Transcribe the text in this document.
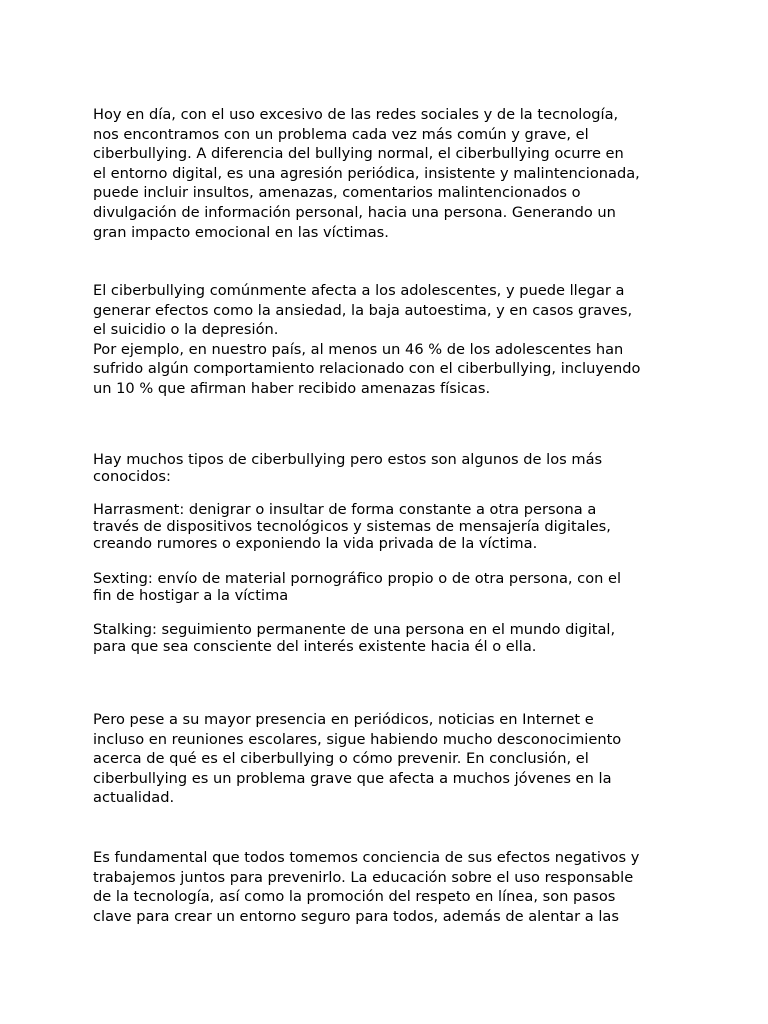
Hoy en día, con el uso excesivo de las redes sociales y de la tecnología,
nos encontramos con un problema cada vez más común y grave, el
ciberbullying. A diferencia del bullying normal, el ciberbullying ocurre en
el entorno digital, es una agresión periódica, insistente y malintencionada,
puede incluir insultos, amenazas, comentarios malintencionados o
divulgación de información personal, hacia una persona. Generando un
gran impacto emocional en las víctimas.

El ciberbullying comúnmente afecta a los adolescentes, y puede llegar a
generar efectos como la ansiedad, la baja autoestima, y en casos graves,
el suicidio o la depresión.
Por ejemplo, en nuestro país, al menos un 46 % de los adolescentes han
sufrido algún comportamiento relacionado con el ciberbullying, incluyendo
un 10 % que afirman haber recibido amenazas físicas.

Hay muchos tipos de ciberbullying pero estos son algunos de los más
conocidos:

Harrasment: denigrar o insultar de forma constante a otra persona a
través de dispositivos tecnológicos y sistemas de mensajería digitales,
creando rumores o exponiendo la vida privada de la víctima.

Sexting: envío de material pornográfico propio o de otra persona, con el
fin de hostigar a la víctima

Stalking: seguimiento permanente de una persona en el mundo digital,
para que sea consciente del interés existente hacia él o ella.

Pero pese a su mayor presencia en periódicos, noticias en Internet e
incluso en reuniones escolares, sigue habiendo mucho desconocimiento
acerca de qué es el ciberbullying o cómo prevenir. En conclusión, el
ciberbullying es un problema grave que afecta a muchos jóvenes en la
actualidad.

Es fundamental que todos tomemos conciencia de sus efectos negativos y
trabajemos juntos para prevenirlo. La educación sobre el uso responsable
de la tecnología, así como la promoción del respeto en línea, son pasos
clave para crear un entorno seguro para todos, además de alentar a las
